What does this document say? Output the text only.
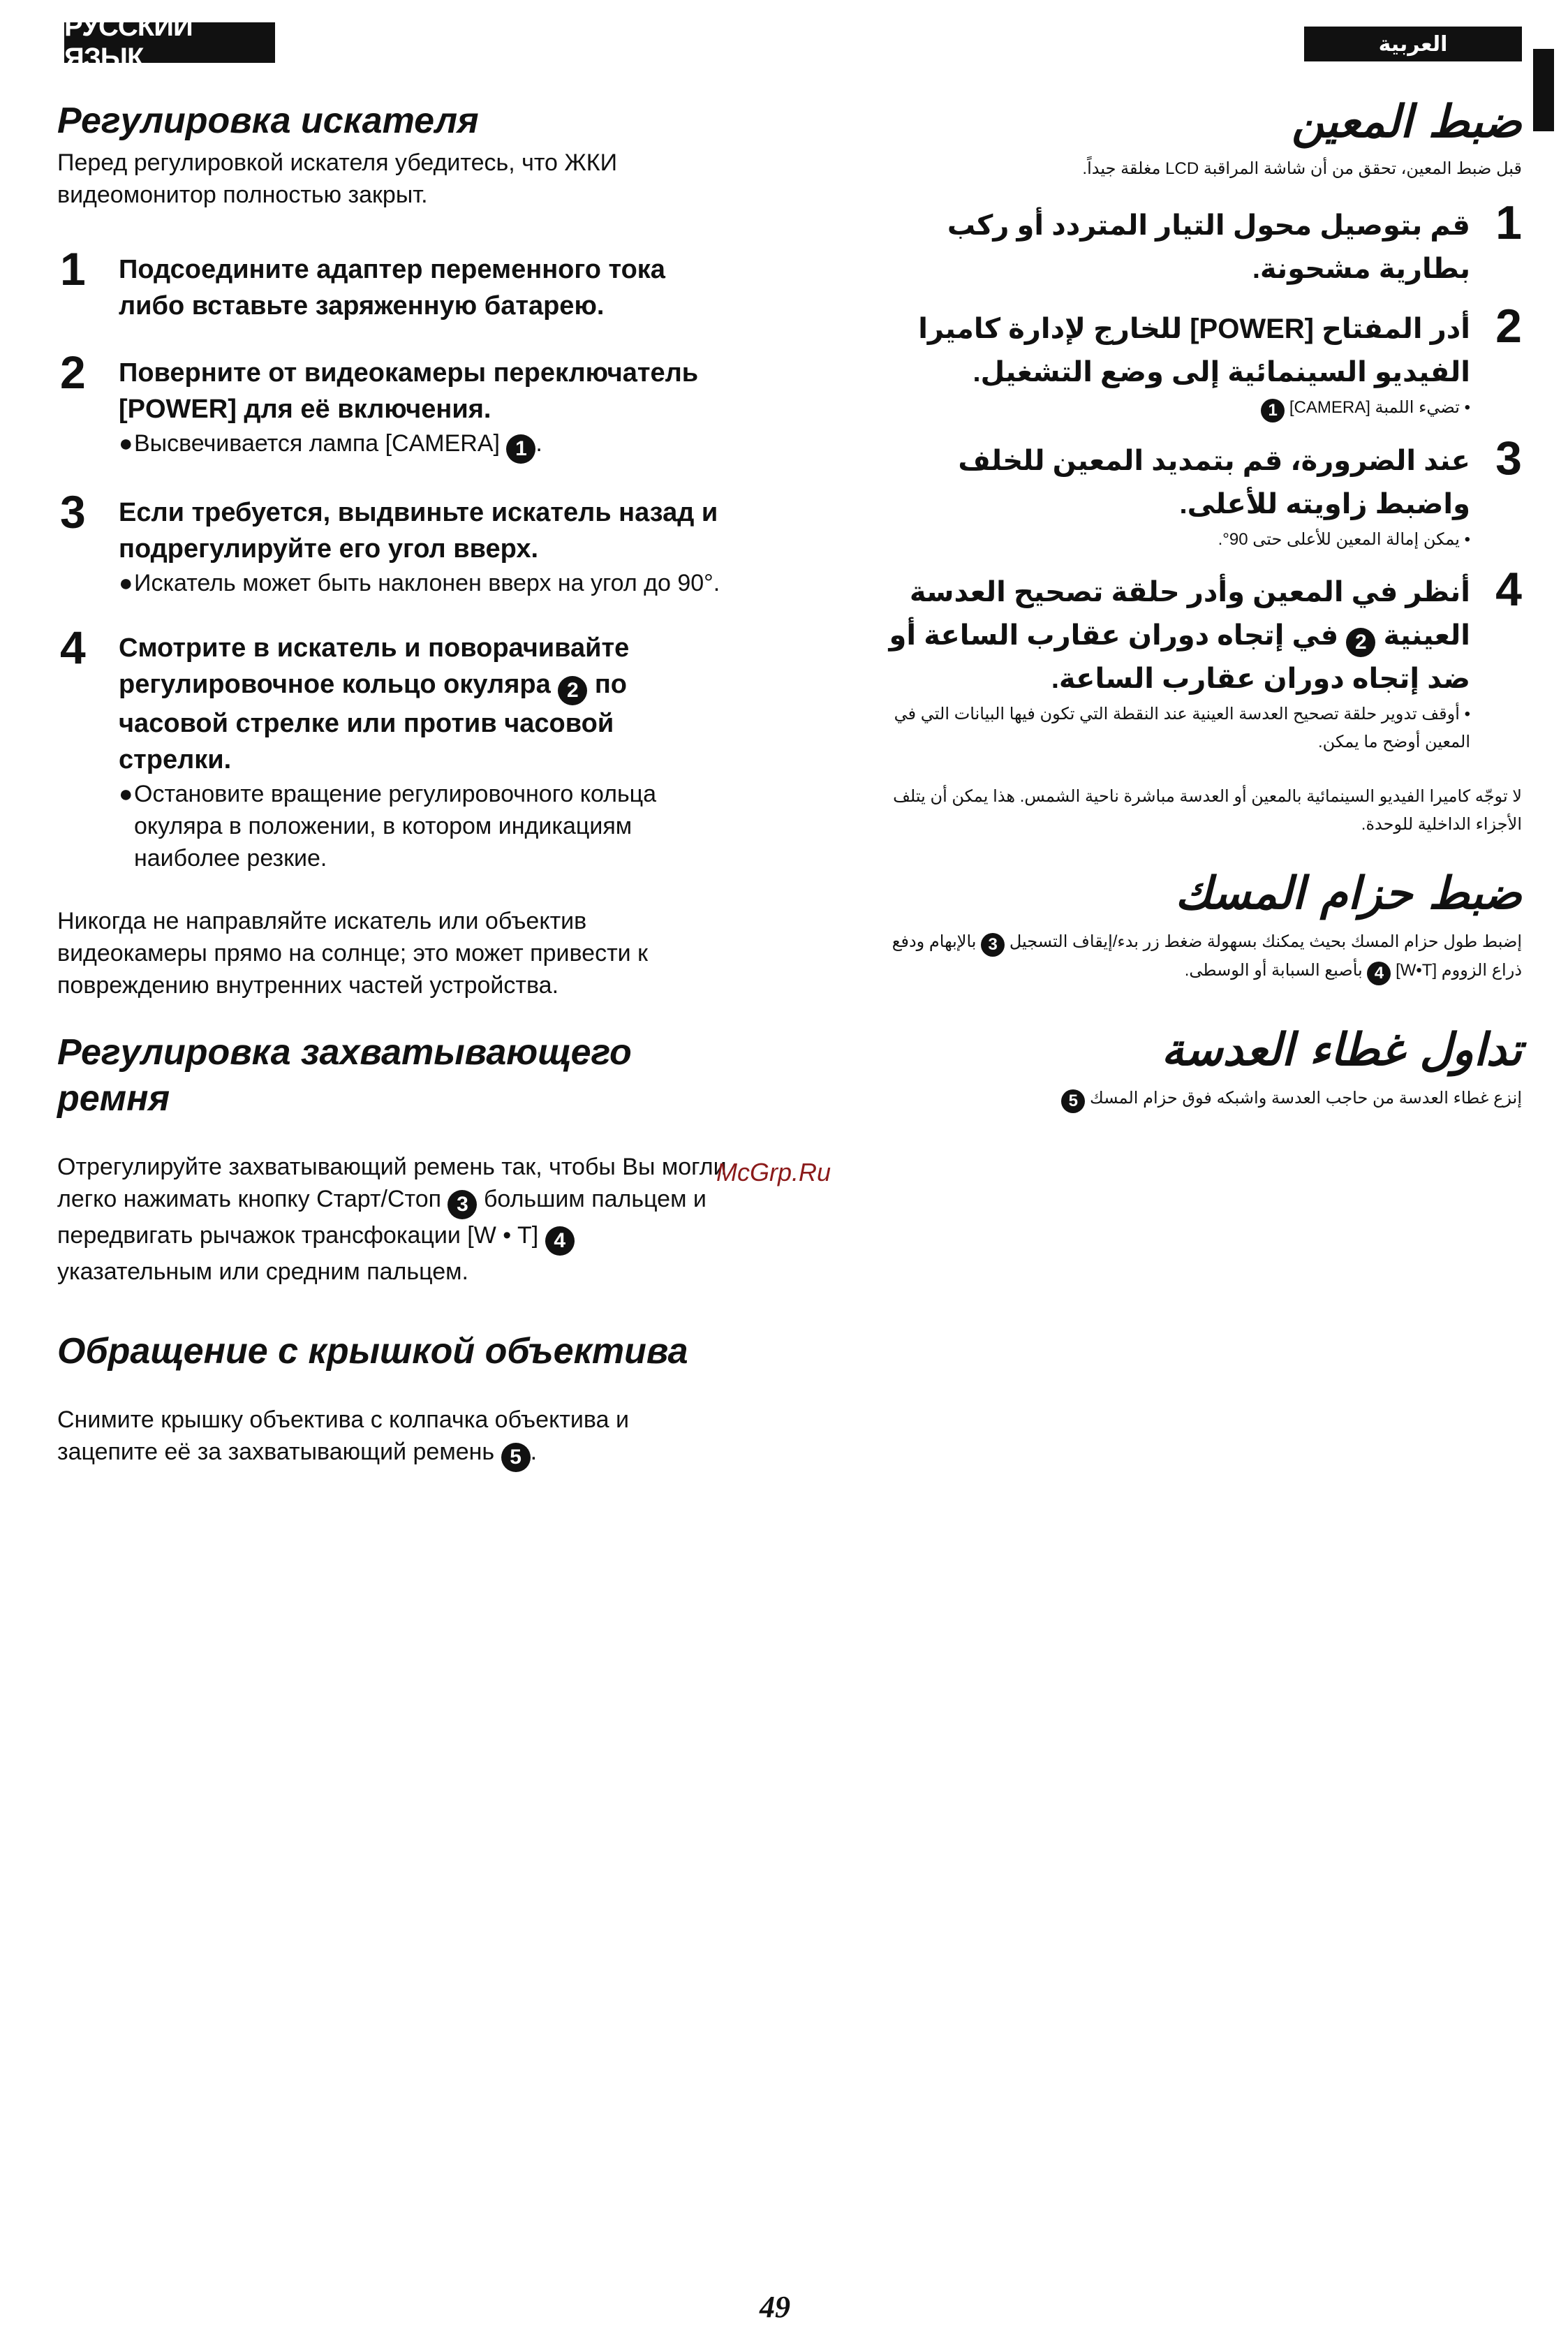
РУССКИЙ ЯЗЫК	العربية
Регулировка искателя

Перед регулировкой искателя убедитесь, что ЖКИ видеомонитор полностью закрыт.

1 Подсоедините адаптер переменного тока либо вставьте заряженную батарею.
2 Поверните от видеокамеры переключатель [POWER] для её включения.
●Высвечивается лампа [CAMERA] 1 .
3 Если требуется, выдвиньте искатель назад и подрегулируйте его угол вверх.
●Искатель может быть наклонен вверх на угол до 90°.
4 Смотрите в искатель и поворачивайте регулировочное кольцо окуляра 2 по часовой стрелке или против часовой стрелки.
●Остановите вращение регулировочного кольца окуляра в положении, в котором индикациям наиболее резкие.

Никогда не направляйте искатель или объектив видеокамеры прямо на солнце; это может привести к повреждению внутренних частей устройства.

Регулировка захватывающего ремня

Отрегулируйте захватывающий ремень так, чтобы Вы могли легко нажимать кнопку Старт/Стоп 3 большим пальцем и передвигать рычажок трансфокации [W • T] 4 указательным или средним пальцем.

Обращение с крышкой объектива

Снимите крышку объектива с колпачка объектива и зацепите её за захватывающий ремень 5 .

McGrp.Ru
ضبط المعين

قبل ضبط المعين، تحقق من أن شاشة المراقبة LCD مغلقة جيداً.

1
قم بتوصيل محول التيار المتردد أو ركب بطارية مشحونة.
2
أدر المفتاح [POWER] للخارج لإدارة كاميرا الفيديو السينمائية إلى وضع التشغيل.
• تضيء اللمبة [CAMERA] 1
3
عند الضرورة، قم بتمديد المعين للخلف واضبط زاويته للأعلى.
• يمكن إمالة المعين للأعلى حتى 90°.
4
أنظر في المعين وأدر حلقة تصحيح العدسة العينية 2 في إتجاه دوران عقارب الساعة أو ضد إتجاه دوران عقارب الساعة.
• أوقف تدوير حلقة تصحيح العدسة العينية عند النقطة التي تكون فيها البيانات التي في المعين أوضح ما يمكن.

لا توجّه كاميرا الفيديو السينمائية بالمعين أو العدسة مباشرة ناحية الشمس. هذا يمكن أن يتلف الأجزاء الداخلية للوحدة.

ضبط حزام المسك

إضبط طول حزام المسك بحيث يمكنك بسهولة ضغط زر بدء/إيقاف التسجيل 3 بالإبهام ودفع ذراع الزووم [W•T] 4 بأصبع السبابة أو الوسطى.

تداول غطاء العدسة

إنزع غطاء العدسة من حاجب العدسة واشبكه فوق حزام المسك 5

49
